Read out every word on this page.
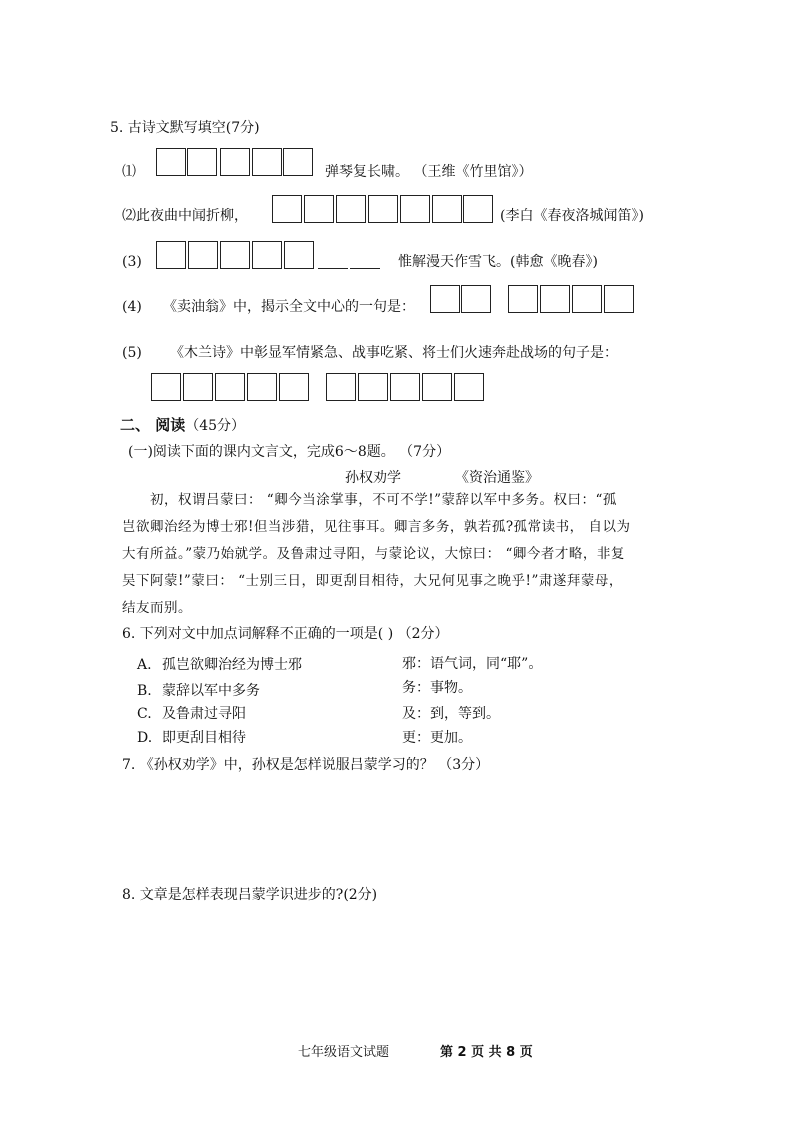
5. 古诗文默写填空(7分)
⑴	弹琴复长啸。 （王维《竹里馆》）
⑵此夜曲中闻折柳，	(李白《春夜洛城闻笛》)
(3)	惟解漫天作雪飞。(韩愈《晚春》)
(4) 《卖油翁》中，揭示全文中心的一句是：
(5) 《木兰诗》中彰显军情紧急、战事吃紧、将士们火速奔赴战场的句子是：
二、 阅读（45分）
(一)阅读下面的课内文言文，完成6～8题。 （7分）
孙权劝学	《资治通鉴》
初，权谓吕蒙曰： “卿今当涂掌事，不可不学!”蒙辞以军中多务。权曰：“孤
岂欲卿治经为博士邪!但当涉猎，见往事耳。卿言多务，孰若孤?孤常读书， 自以为
大有所益。”蒙乃始就学。及鲁肃过寻阳，与蒙论议，大惊曰： “卿今者才略，非复
吴下阿蒙!”蒙曰： “士别三日，即更刮目相待，大兄何见事之晚乎!”肃遂拜蒙母，
结友而别。
6. 下列对文中加点词解释不正确的一项是( ) （2分）
A. 孤岂欲卿治经为博士邪	邪：语气词，同“耶”。
B. 蒙辞以军中多务	务：事物。
C. 及鲁肃过寻阳	及：到，等到。
D. 即更刮目相待	更：更加。
7. 《孙权劝学》中，孙权是怎样说服吕蒙学习的？ （3分）
8. 文章是怎样表现吕蒙学识进步的?(2分)
七年级语文试题	第 2 页 共 8 页
